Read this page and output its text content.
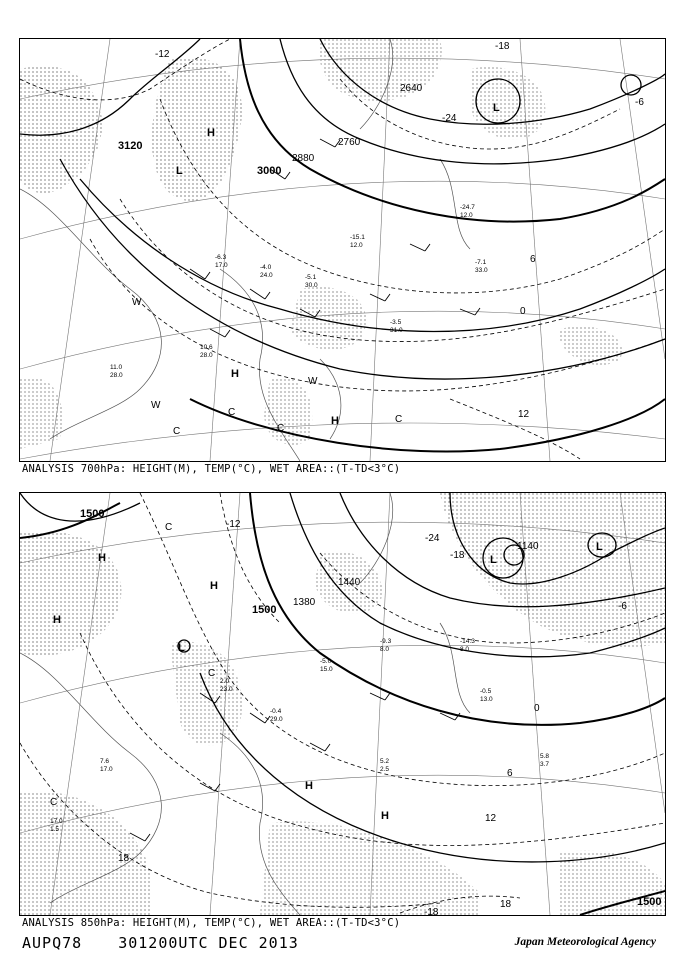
-6.3
17.0	-4.0
24.0	-5.1
30.0
-15.1
12.0
-24.7
12.0
-7.1
33.0
-3.5
31.0
11.0
28.0
10.6
28.0
3120
3000
2880
2760
2640
-12
-18
-24
0
12
6
-6
H
L
L
H
H
W
W
W
C
C
C
C
ANALYSIS 700hPa: HEIGHT(M), TEMP(°C), WET AREA::(T-TD<3°C)
2.0
23.0
-0.4
29.0
-5.0
15.0
-9.3
8.0
-14.3
8.0
-0.5
13.0
5.2
2.5
5.8
3.7
7.6
17.0
17.0
1.5
1500
1500
1500
1380
1440
1140
-12
-18
-24
0
12
18
6
-6
-18
18
H
H
H
H
H
L
L
L
C
C
C
ANALYSIS 850hPa: HEIGHT(M), TEMP(°C), WET AREA::(T-TD<3°C)
AUPQ78 301200UTC DEC 2013	Japan Meteorological Agency
